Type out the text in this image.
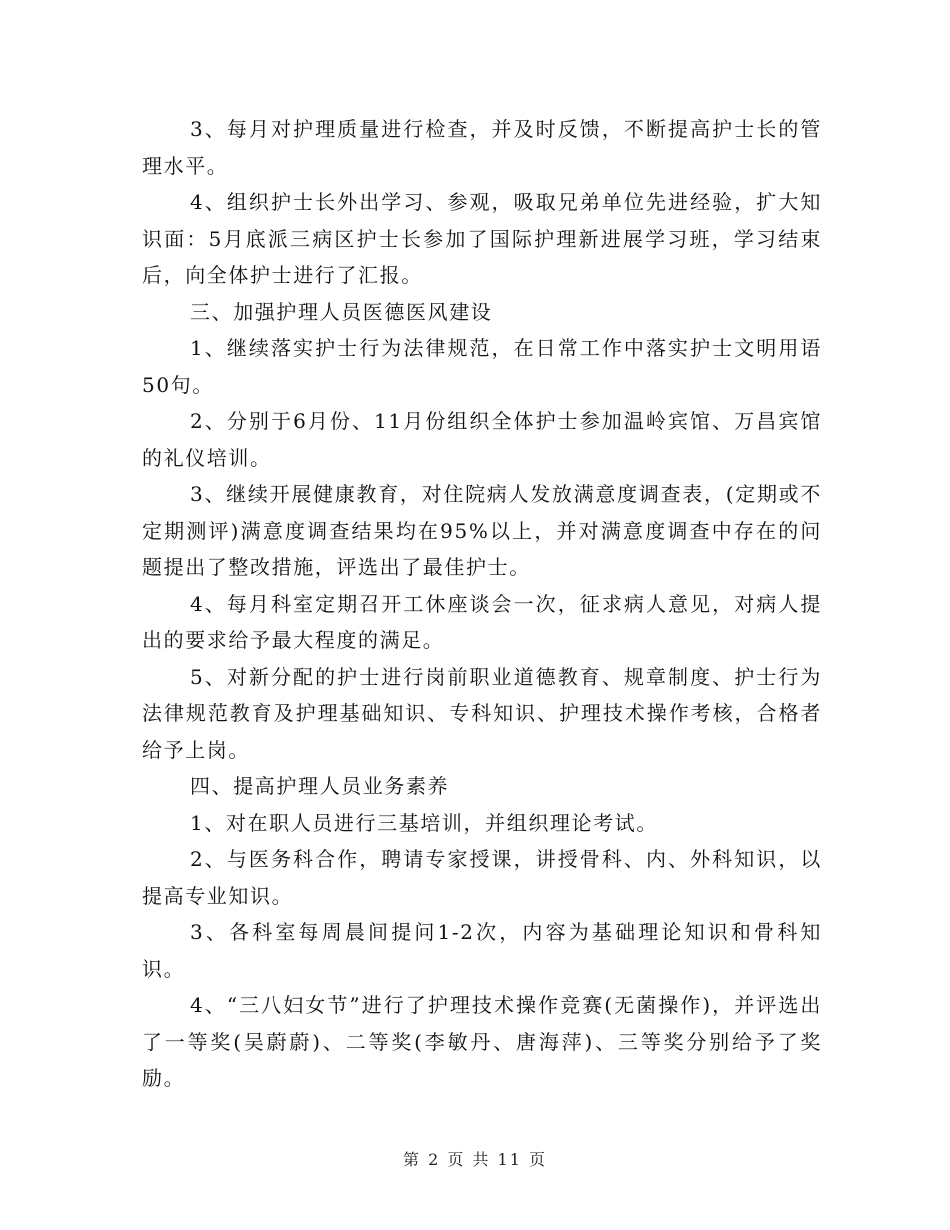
3、每月对护理质量进行检查，并及时反馈，不断提高护士长的管理水平。

4、组织护士长外出学习、参观，吸取兄弟单位先进经验，扩大知识面：5月底派三病区护士长参加了国际护理新进展学习班，学习结束后，向全体护士进行了汇报。

三、加强护理人员医德医风建设

1、继续落实护士行为法律规范，在日常工作中落实护士文明用语50句。

2、分别于6月份、11月份组织全体护士参加温岭宾馆、万昌宾馆的礼仪培训。

3、继续开展健康教育，对住院病人发放满意度调查表，(定期或不定期测评)满意度调查结果均在95%以上，并对满意度调查中存在的问题提出了整改措施，评选出了最佳护士。

4、每月科室定期召开工休座谈会一次，征求病人意见，对病人提出的要求给予最大程度的满足。

5、对新分配的护士进行岗前职业道德教育、规章制度、护士行为法律规范教育及护理基础知识、专科知识、护理技术操作考核，合格者给予上岗。

四、提高护理人员业务素养

1、对在职人员进行三基培训，并组织理论考试。

2、与医务科合作，聘请专家授课，讲授骨科、内、外科知识，以提高专业知识。

3、各科室每周晨间提问1-2次，内容为基础理论知识和骨科知识。

4、“三八妇女节”进行了护理技术操作竞赛(无菌操作)，并评选出了一等奖(吴蔚蔚)、二等奖(李敏丹、唐海萍)、三等奖分别给予了奖励。

第 2 页 共 11 页
